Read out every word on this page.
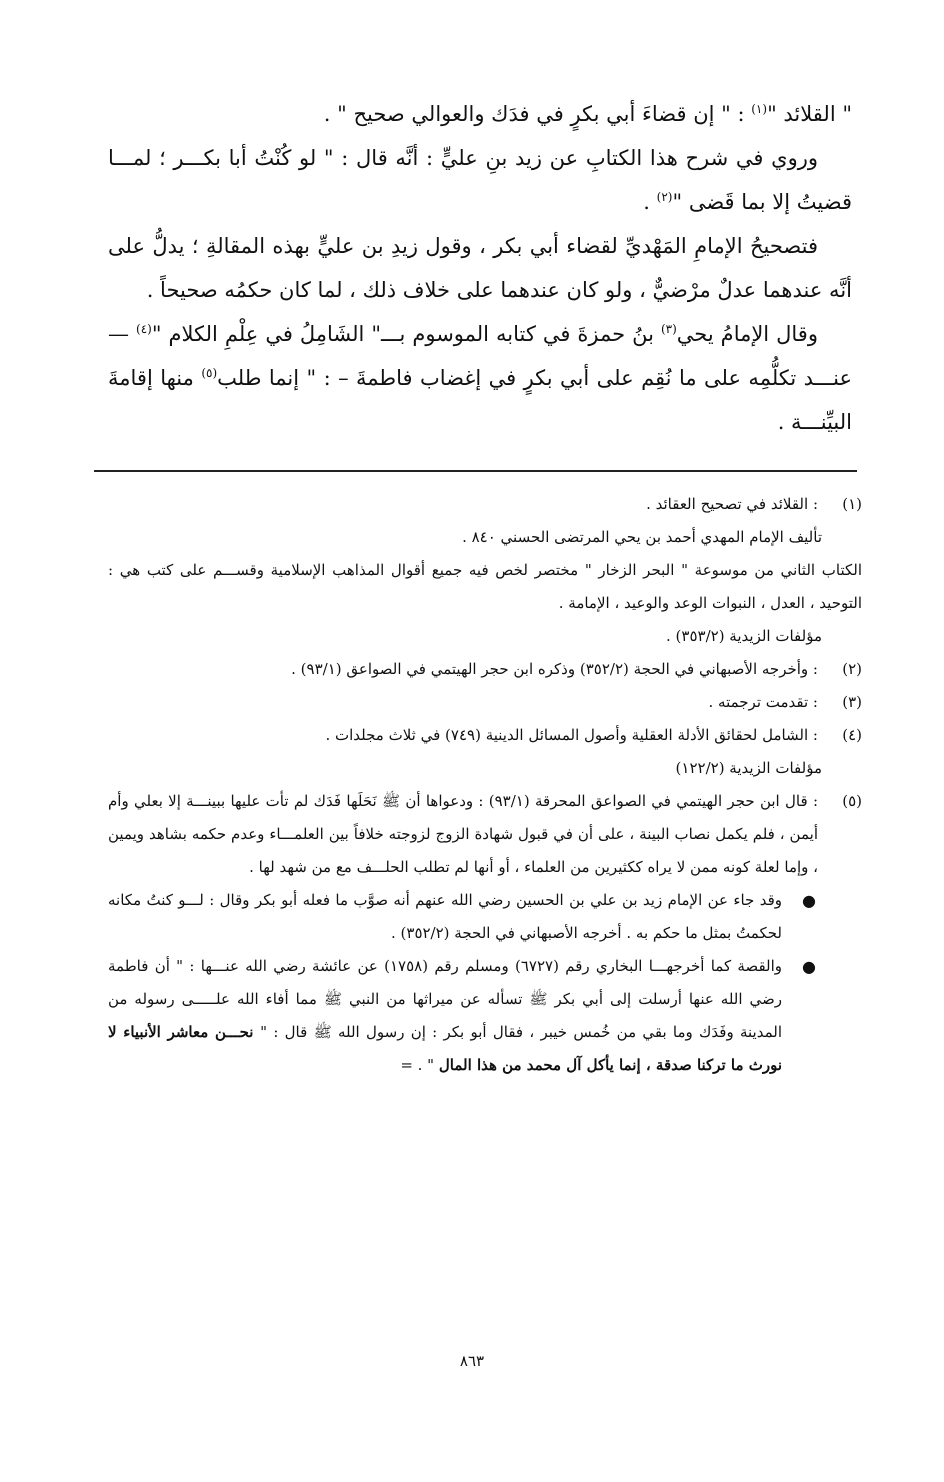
" القلائد "$^{(١)}$ : " إن قضاءَ أبي بكرٍ في فدَك والعوالي صحيح " .

وروي في شرح هذا الكتابِ عن زيد بنِ عليٍّ : أنَّه قال : " لو كُنْتُ أبا بكـــر ؛ لمـــا قضيتُ إلا بما قَضى "$^{(٢)}$ .

فتصحيحُ الإمامِ المَهْديِّ لقضاء أبي بكر ، وقول زيدِ بن عليٍّ بهذه المقالةِ ؛ يدلُّ على أنَّه عندهما عدلٌ مرْضيٌّ ، ولو كان عندهما على خلاف ذلك ، لما كان حكمُه صحيحاً .

وقال الإمامُ يحي$^{(٣)}$ بنُ حمزةَ في كتابه الموسوم بـــ" الشَامِلُ في عِلْمِ الكلام "$^{(٤)}$ — عنـــد تكلُّمِه على ما نُقِم على أبي بكرٍ في إغضاب فاطمةَ – : " إنما طلب$^{(٥)}$ منها إقامةَ البيِّنـــة .

(١)

: القلائد في تصحيح العقائد .

تأليف الإمام المهدي أحمد بن يحي المرتضى الحسني ٨٤٠ .

الكتاب الثاني من موسوعة " البحر الزخار " مختصر لخص فيه جميع أقوال المذاهب الإسلامية وقســـم على كتب هي : التوحيد ، العدل ، النبوات الوعد والوعيد ، الإمامة .

مؤلفات الزيدية (٣٥٣/٢) .

(٢)

: وأخرجه الأصبهاني في الحجة (٣٥٢/٢) وذكره ابن حجر الهيتمي في الصواعق (٩٣/١) .

(٣)

: تقدمت ترجمته .

(٤)

: الشامل لحقائق الأدلة العقلية وأصول المسائل الدينية (٧٤٩) في ثلاث مجلدات .

مؤلفات الزيدية (١٢٢/٢)

(٥)

: قال ابن حجر الهيتمي في الصواعق المحرقة (٩٣/١) : ودعواها أن ﷺ نَحَلَها فَدَك لم تأت عليها ببينـــة إلا بعلي وأم أيمن ، فلم يكمل نصاب البينة ، على أن في قبول شهادة الزوج لزوجته خلافاً بين العلمـــاء وعدم حكمه بشاهد ويمين ، وإما لعلة كونه ممن لا يراه ككثيرين من العلماء ، أو أنها لم تطلب الحلـــف مع من شهد لها .

●
وقد جاء عن الإمام زيد بن علي بن الحسين رضي الله عنهم أنه صوَّب ما فعله أبو بكر وقال : لـــو كنتُ مكانه لحكمتُ بمثل ما حكم به . أخرجه الأصبهاني في الحجة (٣٥٢/٢) .
●
والقصة كما أخرجهـــا البخاري رقم (٦٧٢٧) ومسلم رقم (١٧٥٨) عن عائشة رضي الله عنـــها : " أن فاطمة رضي الله عنها أرسلت إلى أبي بكر ﷺ تسأله عن ميراثها من النبي ﷺ مما أفاء الله علـــــى رسوله من المدينة وفَدَك وما بقي من خُمس خيبر ، فقال أبو بكر : إن رسول الله ﷺ قال : " نحـــن معاشر الأنبياء لا نورث ما تركنا صدقة ، إنما يأكل آل محمد من هذا المال " . =
٨٦٣
